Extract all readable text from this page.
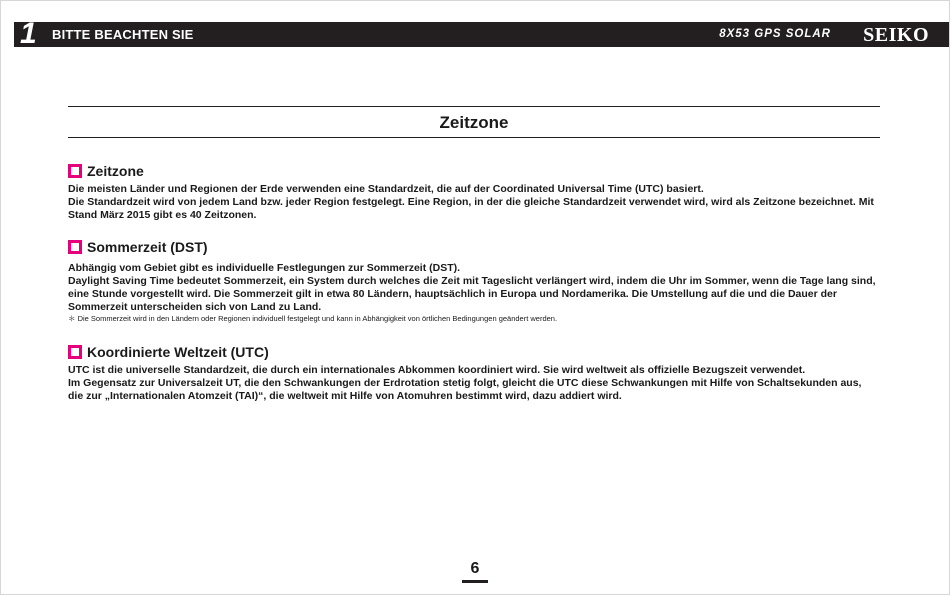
1 BITTE BEACHTEN SIE	8X53 GPS SOLAR SEIKO
Zeitzone
Zeitzone

Die meisten Länder und Regionen der Erde verwenden eine Standardzeit, die auf der Coordinated Universal Time (UTC) basiert.

Die Standardzeit wird von jedem Land bzw. jeder Region festgelegt. Eine Region, in der die gleiche Standardzeit verwendet wird, wird als Zeitzone bezeichnet. Mit Stand März 2015 gibt es 40 Zeitzonen.

Sommerzeit (DST)

Abhängig vom Gebiet gibt es individuelle Festlegungen zur Sommerzeit (DST).

Daylight Saving Time bedeutet Sommerzeit, ein System durch welches die Zeit mit Tageslicht verlängert wird, indem die Uhr im Sommer, wenn die Tage lang sind, eine Stunde vorgestellt wird. Die Sommerzeit gilt in etwa 80 Ländern, hauptsächlich in Europa und Nordamerika. Die Umstellung auf die und die Dauer der Sommerzeit unterscheiden sich von Land zu Land.

＊ Die Sommerzeit wird in den Ländern oder Regionen individuell festgelegt und kann in Abhängigkeit von örtlichen Bedingungen geändert werden.

Koordinierte Weltzeit (UTC)

UTC ist die universelle Standardzeit, die durch ein internationales Abkommen koordiniert wird. Sie wird weltweit als offizielle Bezugszeit verwendet.

Im Gegensatz zur Universalzeit UT, die den Schwankungen der Erdrotation stetig folgt, gleicht die UTC diese Schwankungen mit Hilfe von Schaltsekunden aus, die zur „Internationalen Atomzeit (TAI)“, die weltweit mit Hilfe von Atomuhren bestimmt wird, dazu addiert wird.

6
